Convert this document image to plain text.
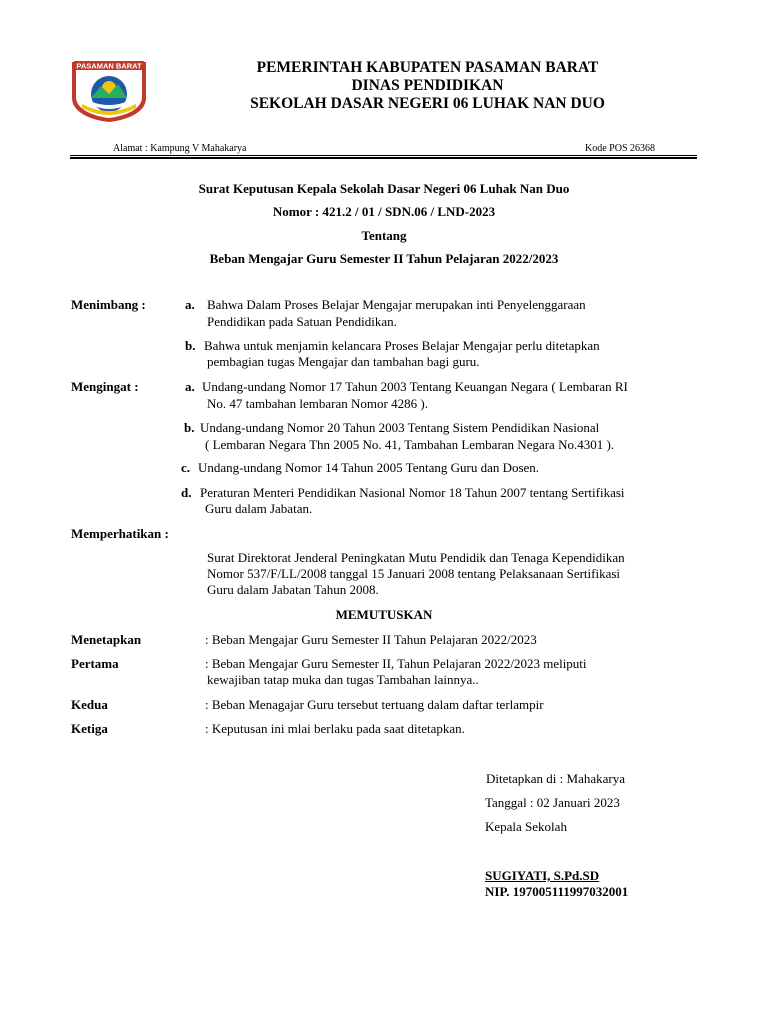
PASAMAN BARAT	PEMERINTAH KABUPATEN PASAMAN BARAT
DINAS PENDIDIKAN
SEKOLAH DASAR NEGERI 06 LUHAK NAN DUO
Alamat : Kampung V Mahakarya	Kode POS 26368
Surat Keputusan Kepala Sekolah Dasar Negeri 06 Luhak Nan Duo
Nomor : 421.2 / 01 / SDN.06 / LND-2023
Tentang
Beban Mengajar Guru Semester II Tahun Pelajaran 2022/2023
Menimbang :	a. Bahwa Dalam Proses Belajar Mengajar merupakan inti Penyelenggaraan
Pendidikan pada Satuan Pendidikan.
b. Bahwa untuk menjamin kelancara Proses Belajar Mengajar perlu ditetapkan
pembagian tugas Mengajar dan tambahan bagi guru.
Mengingat :	a. Undang-undang Nomor 17 Tahun 2003 Tentang Keuangan Negara ( Lembaran RI
No. 47 tambahan lembaran Nomor 4286 ).
b. Undang-undang Nomor 20 Tahun 2003 Tentang Sistem Pendidikan Nasional
( Lembaran Negara Thn 2005 No. 41, Tambahan Lembaran Negara No.4301 ).
c. Undang-undang Nomor 14 Tahun 2005 Tentang Guru dan Dosen.
d. Peraturan Menteri Pendidikan Nasional Nomor 18 Tahun 2007 tentang Sertifikasi
Guru dalam Jabatan.
Memperhatikan :
Surat Direktorat Jenderal Peningkatan Mutu Pendidik dan Tenaga Kependidikan
Nomor 537/F/LL/2008 tanggal 15 Januari 2008 tentang Pelaksanaan Sertifikasi
Guru dalam Jabatan Tahun 2008.
MEMUTUSKAN
Menetapkan	: Beban Mengajar Guru Semester II Tahun Pelajaran 2022/2023
Pertama	: Beban Mengajar Guru Semester II, Tahun Pelajaran 2022/2023 meliputi
kewajiban tatap muka dan tugas Tambahan lainnya..
Kedua	: Beban Menagajar Guru tersebut tertuang dalam daftar terlampir
Ketiga	: Keputusan ini mlai berlaku pada saat ditetapkan.
Ditetapkan di : Mahakarya
Tanggal : 02 Januari 2023
Kepala Sekolah
SUGIYATI, S.Pd.SD
NIP. 197005111997032001
